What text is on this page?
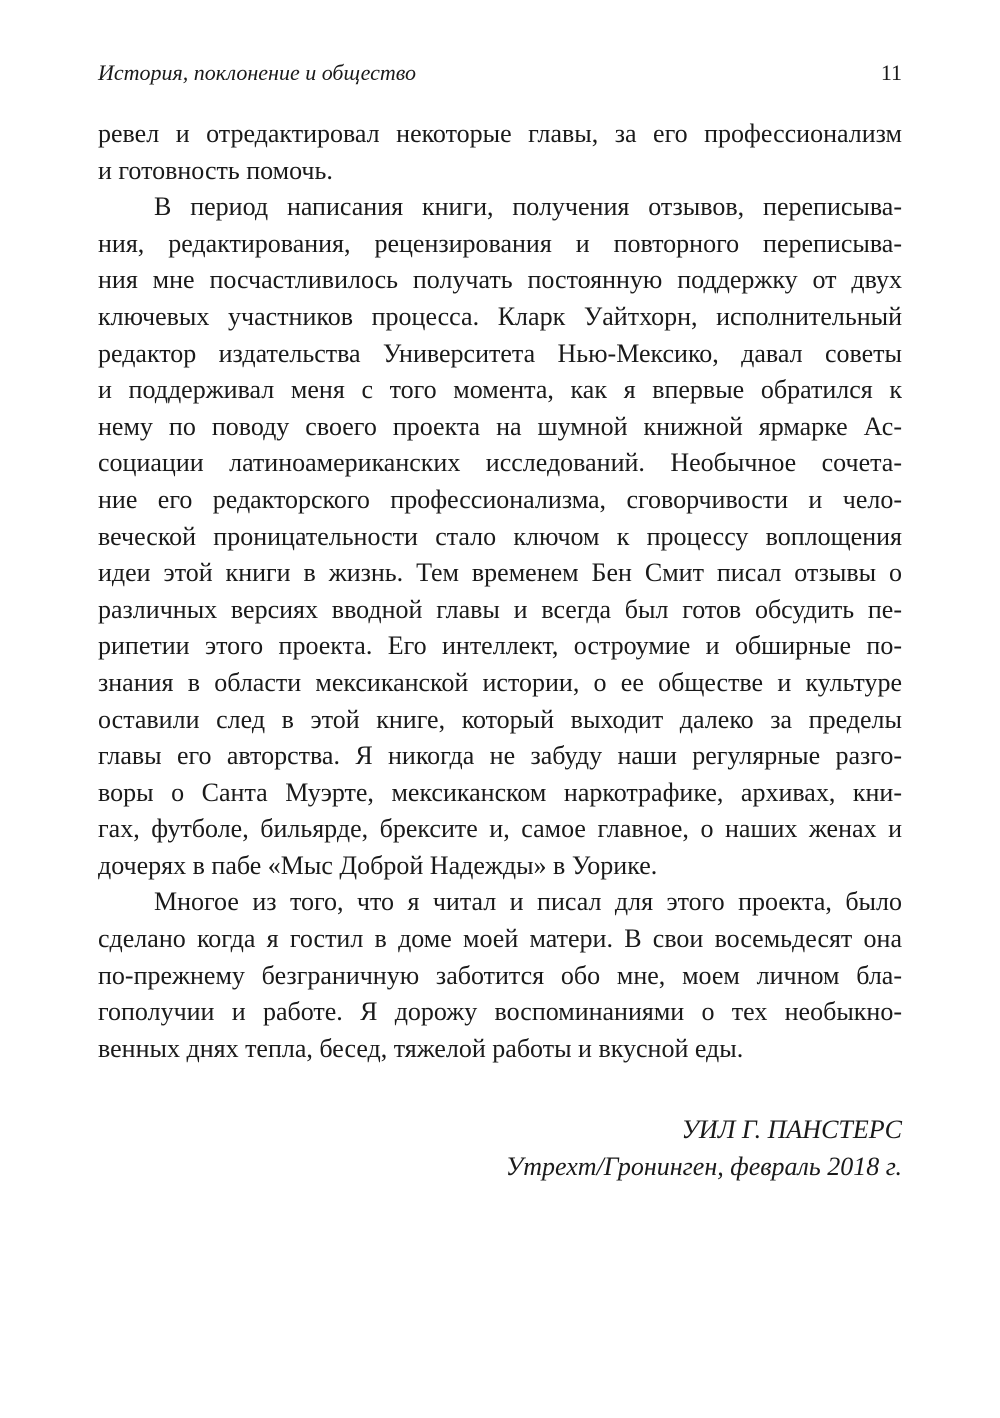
История, поклонение и общество	11
ревел и отредактировал некоторые главы, за его профессионализм
и готовность помочь.
В период написания книги, получения отзывов, переписыва-
ния, редактирования, рецензирования и повторного переписыва-
ния мне посчастливилось получать постоянную поддержку от двух
ключевых участников процесса. Кларк Уайтхорн, исполнительный
редактор издательства Университета Нью-Мексико, давал советы
и поддерживал меня с того момента, как я впервые обратился к
нему по поводу своего проекта на шумной книжной ярмарке Ас-
социации латиноамериканских исследований. Необычное сочета-
ние его редакторского профессионализма, сговорчивости и чело-
веческой проницательности стало ключом к процессу воплощения
идеи этой книги в жизнь. Тем временем Бен Смит писал отзывы о
различных версиях вводной главы и всегда был готов обсудить пе-
рипетии этого проекта. Его интеллект, остроумие и обширные по-
знания в области мексиканской истории, о ее обществе и культуре
оставили след в этой книге, который выходит далеко за пределы
главы его авторства. Я никогда не забуду наши регулярные разго-
воры о Санта Муэрте, мексиканском наркотрафике, архивах, кни-
гах, футболе, бильярде, брексите и, самое главное, о наших женах и
дочерях в пабе «Мыс Доброй Надежды» в Уорике.
Многое из того, что я читал и писал для этого проекта, было
сделано когда я гостил в доме моей матери. В свои восемьдесят она
по-прежнему безграничную заботится обо мне, моем личном бла-
гополучии и работе. Я дорожу воспоминаниями о тех необыкно-
венных днях тепла, бесед, тяжелой работы и вкусной еды.
УИЛ Г. ПАНСТЕРС
Утрехт/Гронинген, февраль 2018 г.
